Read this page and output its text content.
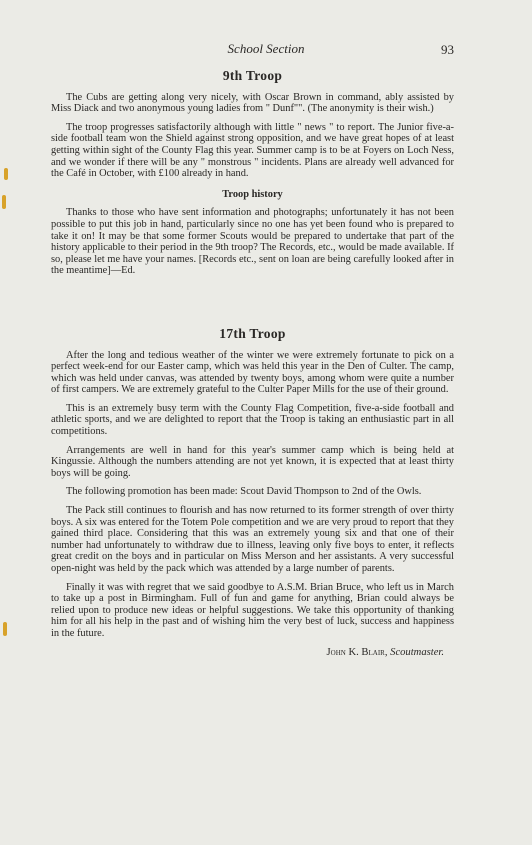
School Section	93
9th Troop

The Cubs are getting along very nicely, with Oscar Brown in command, ably assisted by Miss Diack and two anonymous young ladies from " Dunf"". (The anonymity is their wish.)

The troop progresses satisfactorily although with little " news " to report. The Junior five-a-side football team won the Shield against strong opposition, and we have great hopes of at least getting within sight of the County Flag this year. Summer camp is to be at Foyers on Loch Ness, and we wonder if there will be any " monstrous " incidents. Plans are already well advanced for the Café in October, with £100 already in hand.

Troop history

Thanks to those who have sent information and photographs; unfortunately it has not been possible to put this job in hand, particularly since no one has yet been found who is prepared to take it on! It may be that some former Scouts would be prepared to undertake that part of the history applicable to their period in the 9th troop? The Records, etc., would be made available. If so, please let me have your names. [Records etc., sent on loan are being carefully looked after in the meantime]—Ed.

17th Troop

After the long and tedious weather of the winter we were extremely fortunate to pick on a perfect week-end for our Easter camp, which was held this year in the Den of Culter. The camp, which was held under canvas, was attended by twenty boys, among whom were quite a number of first campers. We are extremely grateful to the Culter Paper Mills for the use of their ground.

This is an extremely busy term with the County Flag Competition, five-a-side football and athletic sports, and we are delighted to report that the Troop is taking an enthusiastic part in all competitions.

Arrangements are well in hand for this year's summer camp which is being held at Kingussie. Although the numbers attending are not yet known, it is expected that at least thirty boys will be going.

The following promotion has been made: Scout David Thompson to 2nd of the Owls.

The Pack still continues to flourish and has now returned to its former strength of over thirty boys. A six was entered for the Totem Pole competition and we are very proud to report that they gained third place. Considering that this was an extremely young six and that one of their number had unfortunately to withdraw due to illness, leaving only five boys to enter, it reflects great credit on the boys and in particular on Miss Merson and her assistants. A very successful open-night was held by the pack which was attended by a large number of parents.

Finally it was with regret that we said goodbye to A.S.M. Brian Bruce, who left us in March to take up a post in Birmingham. Full of fun and game for anything, Brian could always be relied upon to produce new ideas or helpful suggestions. We take this opportunity of thanking him for all his help in the past and of wishing him the very best of luck, success and happiness in the future.

John K. Blair, Scoutmaster.
